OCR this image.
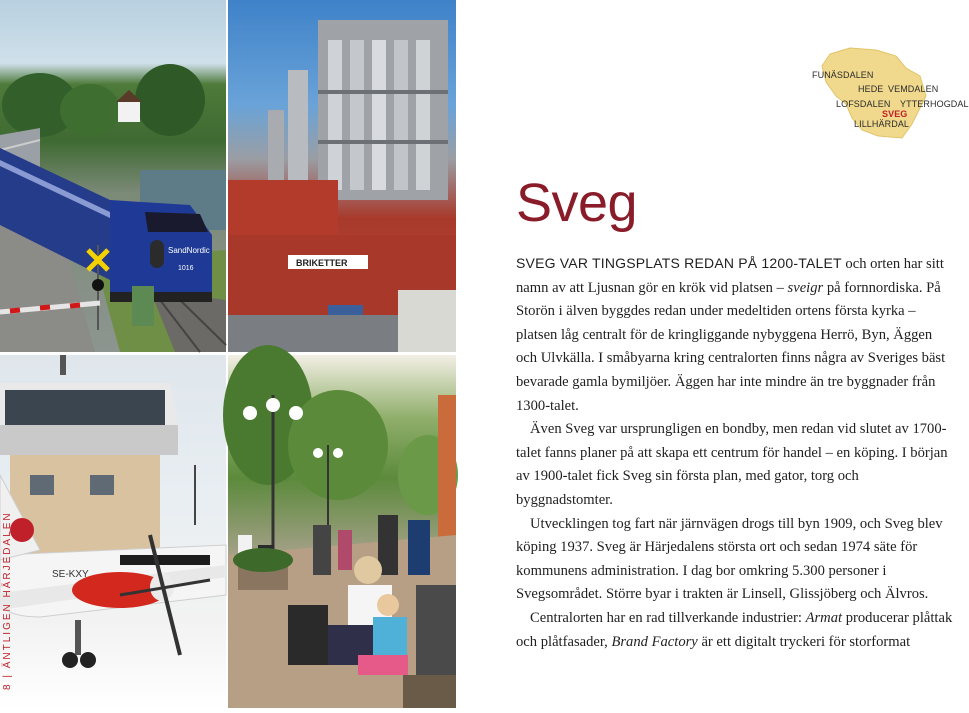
SandNordic
1016
BRIKETTER
SE-KXY
8 | ÄNTLIGEN HÄRJEDALEN
FUNÄSDALEN
HEDE VEMDALEN
LOFSDALEN YTTERHOGDAL
SVEG
LILLHÄRDAL
Sveg

SVEG VAR TINGSPLATS REDAN PÅ 1200-TALET och orten har sitt namn av att Ljusnan gör en krök vid platsen – sveigr på fornnordiska. På Storön i älven byggdes redan under medeltiden ortens första kyrka – platsen låg centralt för de kringliggande nybyggena Herrö, Byn, Äggen och Ulvkälla. I småbyarna kring centralorten finns några av Sveriges bäst bevarade gamla bymiljöer. Äggen har inte mindre än tre byggnader från 1300-talet.

Även Sveg var ursprungligen en bondby, men redan vid slutet av 1700-talet fanns planer på att skapa ett centrum för handel – en köping. I början av 1900-talet fick Sveg sin första plan, med gator, torg och byggnadstomter.

Utvecklingen tog fart när järnvägen drogs till byn 1909, och Sveg blev köping 1937. Sveg är Härjedalens största ort och sedan 1974 säte för kommunens administration. I dag bor omkring 5.300 personer i Svegsområdet. Större byar i trakten är Linsell, Glissjöberg och Älvros.

Centralorten har en rad tillverkande industrier: Armat producerar plåttak och plåtfasader, Brand Factory är ett digitalt tryckeri för storformat
